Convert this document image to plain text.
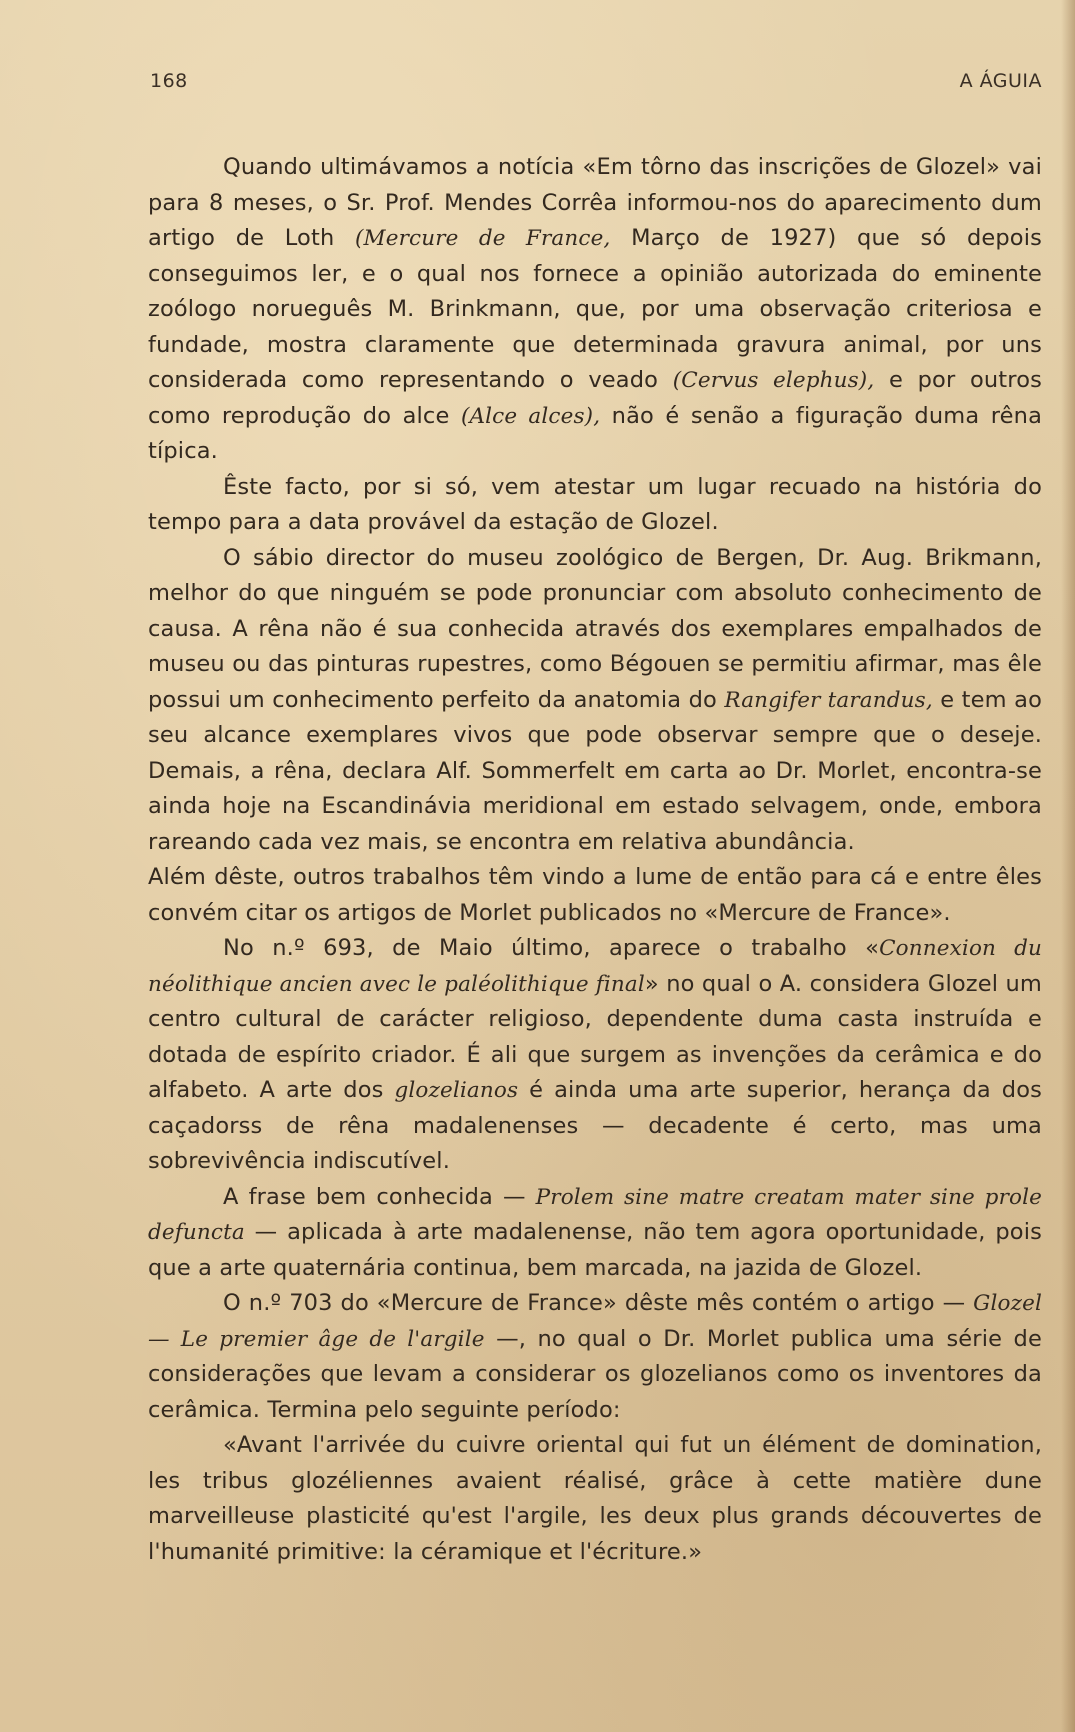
168	A ÁGUIA

Quando ultimávamos a notícia «Em tôrno das inscrições de Glozel» vai para 8 meses, o Sr. Prof. Mendes Corrêa informou-nos do aparecimento dum artigo de Loth (Mercure de France, Março de 1927) que só depois conseguimos ler, e o qual nos fornece a opinião autorizada do eminente zoólogo norueguês M. Brinkmann, que, por uma observação criteriosa e fundade, mostra claramente que determinada gravura animal, por uns considerada como representando o veado (Cervus elephus), e por outros como reprodução do alce (Alce alces), não é senão a figuração duma rêna típica.

Êste facto, por si só, vem atestar um lugar recuado na história do tempo para a data provável da estação de Glozel.

O sábio director do museu zoológico de Bergen, Dr. Aug. Brikmann, melhor do que ninguém se pode pronunciar com absoluto conhecimento de causa. A rêna não é sua conhecida através dos exemplares empalhados de museu ou das pinturas rupestres, como Bégouen se permitiu afirmar, mas êle possui um conhecimento perfeito da anatomia do Rangifer tarandus, e tem ao seu alcance exemplares vivos que pode observar sempre que o deseje. Demais, a rêna, declara Alf. Sommerfelt em carta ao Dr. Morlet, encontra-se ainda hoje na Escandinávia meridional em estado selvagem, onde, embora rareando cada vez mais, se encontra em relativa abundância.

Além dêste, outros trabalhos têm vindo a lume de então para cá e entre êles convém citar os artigos de Morlet publicados no «Mercure de France».

No n.º 693, de Maio último, aparece o trabalho «Connexion du néolithique ancien avec le paléolithique final» no qual o A. considera Glozel um centro cultural de carácter religioso, dependente duma casta instruída e dotada de espírito criador. É ali que surgem as invenções da cerâmica e do alfabeto. A arte dos glozelianos é ainda uma arte superior, herança da dos caçadorss de rêna madalenenses — decadente é certo, mas uma sobrevivência indiscutível.

A frase bem conhecida — Prolem sine matre creatam mater sine prole defuncta — aplicada à arte madalenense, não tem agora oportunidade, pois que a arte quaternária continua, bem marcada, na jazida de Glozel.

O n.º 703 do «Mercure de France» dêste mês contém o artigo — Glozel — Le premier âge de l'argile —, no qual o Dr. Morlet publica uma série de considerações que levam a considerar os glozelianos como os inventores da cerâmica. Termina pelo seguinte período:

«Avant l'arrivée du cuivre oriental qui fut un élément de domination, les tribus glozéliennes avaient réalisé, grâce à cette matière dune marveilleuse plasticité qu'est l'argile, les deux plus grands découvertes de l'humanité primitive: la céramique et l'écriture.»
